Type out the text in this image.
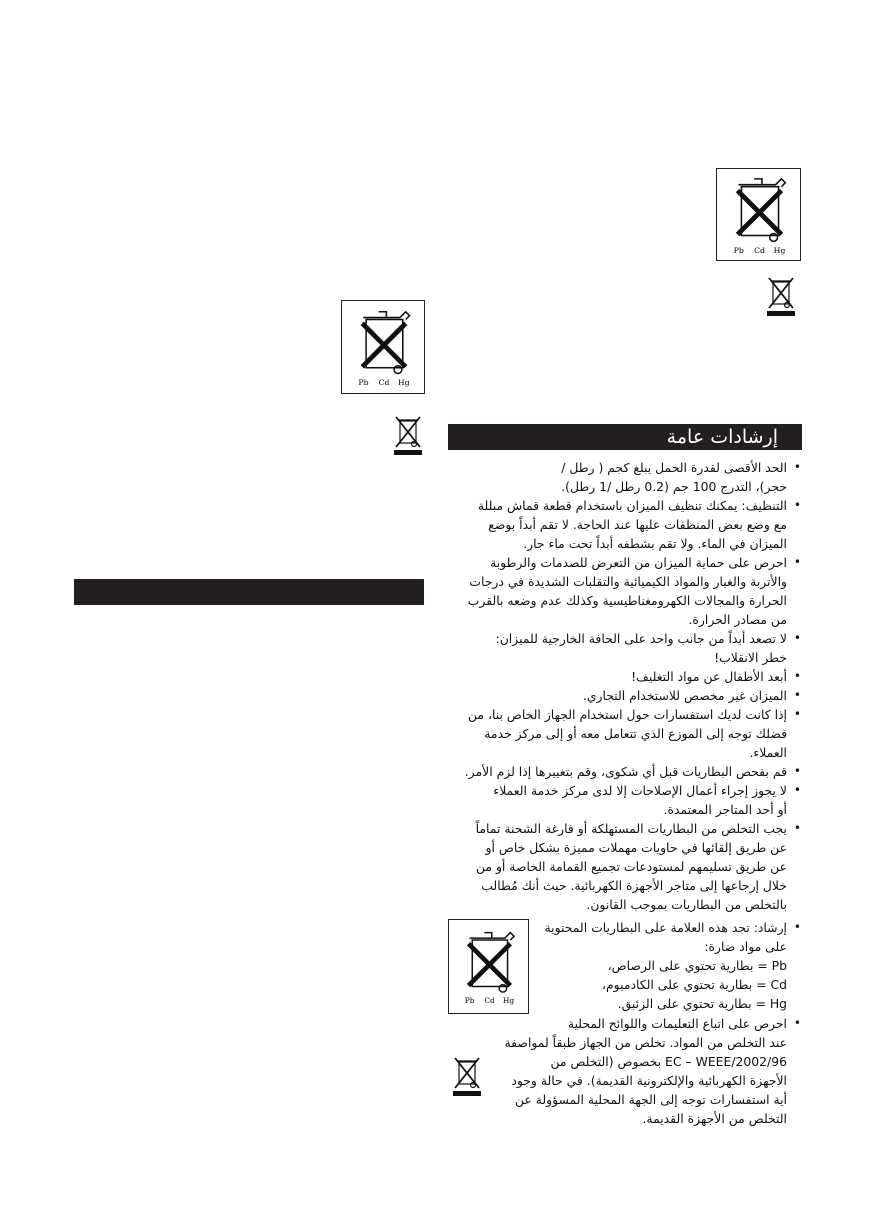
Pb Cd Hg
Pb Cd Hg
إرشادات عامة

• الحد الأقصى لقدرة الحمل يبلغ كجم ( رطل /

حجر)، التدرج 100 جم (0.2 رطل /1 رطل).

• التنظيف: يمكنك تنظيف الميزان باستخدام قطعة قماش مبللة

مع وضع بعض المنظفات عليها عند الحاجة. لا تقم أبداً بوضع

الميزان في الماء. ولا تقم بشطفه أبداً تحت ماء جار.

• احرص على حماية الميزان من التعرض للصدمات والرطوبة

والأتربة والغبار والمواد الكيميائية والتقلبات الشديدة في درجات

الحرارة والمجالات الكهرومغناطيسية وكذلك عدم وضعه بالقرب

من مصادر الحرارة.

• لا تصعد أبداً من جانب واحد على الحافة الخارجية للميزان:

خطر الانقلاب!

• أبعد الأطفال عن مواد التغليف!

• الميزان غير مخصص للاستخدام التجاري.

• إذا كانت لديك استفسارات حول استخدام الجهاز الخاص بنا، من

فضلك توجه إلى الموزع الذي تتعامل معه أو إلى مركز خدمة

العملاء.

• قم بفحص البطاريات قبل أي شكوى، وقم بتغييرها إذا لزم الأمر.

• لا يجوز إجراء أعمال الإصلاحات إلا لدى مركز خدمة العملاء

أو أحد المتاجر المعتمدة.

• يجب التخلص من البطاريات المستهلكة أو فارغة الشحنة تماماً

عن طريق إلقائها في حاويات مهملات مميزة بشكل خاص أو

عن طريق تسليمهم لمستودعات تجميع القمامة الخاصة أو من

خلال إرجاعها إلى متاجر الأجهزة الكهربائية. حيث أنك مُطالب

بالتخلص من البطاريات بموجب القانون.

Pb Cd Hg

• إرشاد: تجد هذه العلامة على البطاريات المحتوية

على مواد ضارة:

Pb = بطارية تحتوي على الرصاص،

Cd = بطارية تحتوي على الكادميوم،

Hg = بطارية تحتوي على الزئبق.

• احرص على اتباع التعليمات واللوائح المحلية

عند التخلص من المواد. تخلص من الجهاز طبقاً لمواصفة

2002/96/EC – WEEE بخصوص (التخلص من

الأجهزة الكهربائية والإلكترونية القديمة). في حالة وجود

أية استفسارات توجه إلى الجهة المحلية المسؤولة عن

التخلص من الأجهزة القديمة.
